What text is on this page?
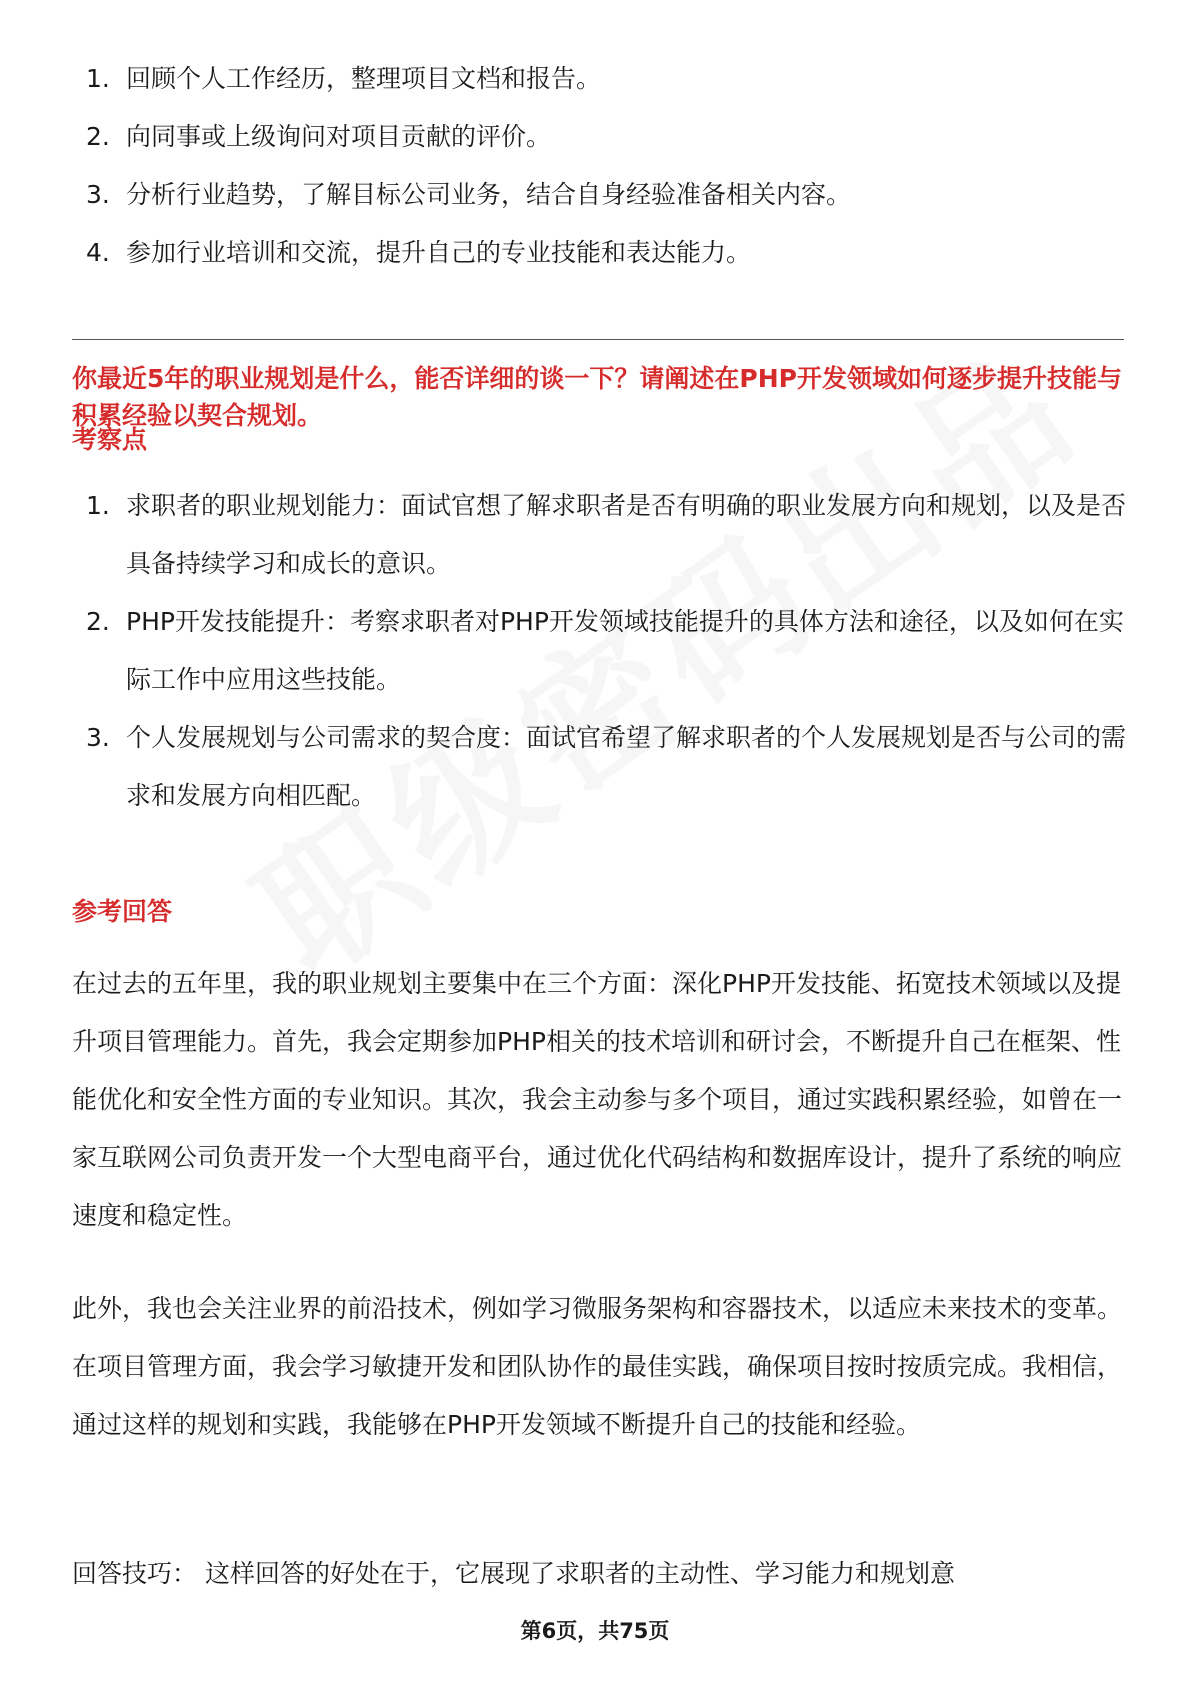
1. 回顾个人工作经历，整理项目文档和报告。
2. 向同事或上级询问对项目贡献的评价。
3. 分析行业趋势，了解目标公司业务，结合自身经验准备相关内容。
4. 参加行业培训和交流，提升自己的专业技能和表达能力。
你最近5年的职业规划是什么，能否详细的谈一下？请阐述在PHP开发领域如何逐步提升技能与积累经验以契合规划。
考察点
1. 求职者的职业规划能力：面试官想了解求职者是否有明确的职业发展方向和规划，以及是否具备持续学习和成长的意识。
2. PHP开发技能提升：考察求职者对PHP开发领域技能提升的具体方法和途径，以及如何在实际工作中应用这些技能。
3. 个人发展规划与公司需求的契合度：面试官希望了解求职者的个人发展规划是否与公司的需求和发展方向相匹配。
参考回答
在过去的五年里，我的职业规划主要集中在三个方面：深化PHP开发技能、拓宽技术领域以及提升项目管理能力。首先，我会定期参加PHP相关的技术培训和研讨会，不断提升自己在框架、性能优化和安全性方面的专业知识。其次，我会主动参与多个项目，通过实践积累经验，如曾在一家互联网公司负责开发一个大型电商平台，通过优化代码结构和数据库设计，提升了系统的响应速度和稳定性。
此外，我也会关注业界的前沿技术，例如学习微服务架构和容器技术，以适应未来技术的变革。在项目管理方面，我会学习敏捷开发和团队协作的最佳实践，确保项目按时按质完成。我相信，通过这样的规划和实践，我能够在PHP开发领域不断提升自己的技能和经验。
回答技巧： 这样回答的好处在于，它展现了求职者的主动性、学习能力和规划意
第6页，共75页
